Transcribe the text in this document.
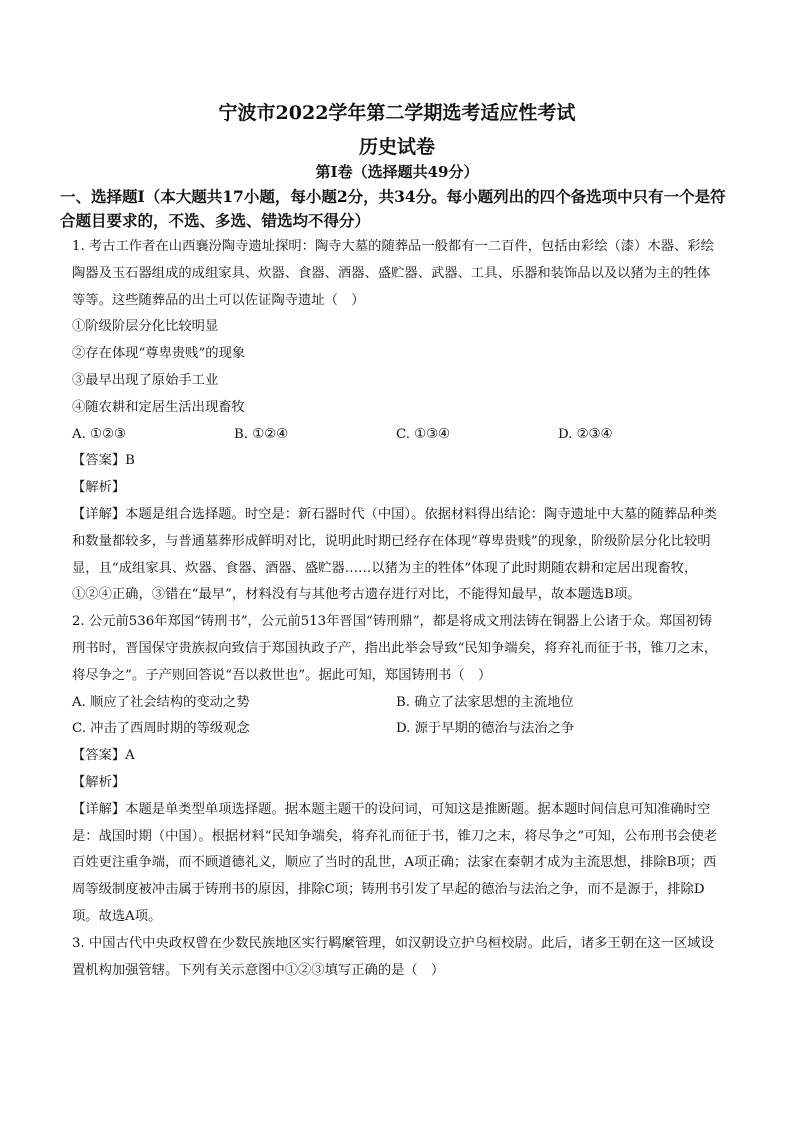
宁波市2022学年第二学期选考适应性考试
历史试卷
第I卷（选择题共49分）
一、选择题I（本大题共17小题，每小题2分，共34分。每小题列出的四个备选项中只有一个是符合题目要求的，不选、多选、错选均不得分）

1. 考古工作者在山西襄汾陶寺遗址探明：陶寺大墓的随葬品一般都有一二百件，包括由彩绘（漆）木器、彩绘陶器及玉石器组成的成组家具、炊器、食器、酒器、盛贮器、武器、工具、乐器和装饰品以及以猪为主的牲体等等。这些随葬品的出土可以佐证陶寺遗址（　）

①阶级阶层分化比较明显

②存在体现“尊卑贵贱”的现象

③最早出现了原始手工业

④随农耕和定居生活出现畜牧

A. ①②③	B. ①②④	C. ①③④	D. ②③④

【答案】B

【解析】

【详解】本题是组合选择题。时空是：新石器时代（中国）。依据材料得出结论：陶寺遗址中大墓的随葬品种类和数量都较多，与普通墓葬形成鲜明对比，说明此时期已经存在体现“尊卑贵贱”的现象，阶级阶层分化比较明显，且“成组家具、炊器、食器、酒器、盛贮器……以猪为主的牲体”体现了此时期随农耕和定居出现畜牧，①②④正确，③错在“最早”，材料没有与其他考古遗存进行对比，不能得知最早，故本题选B项。

2. 公元前536年郑国“铸刑书”，公元前513年晋国“铸刑鼎”，都是将成文刑法铸在铜器上公诸于众。郑国初铸刑书时，晋国保守贵族叔向致信于郑国执政子产，指出此举会导致“民知争端矣，将弃礼而征于书，锥刀之末，将尽争之”。子产则回答说“吾以救世也”。据此可知，郑国铸刑书（　）

A. 顺应了社会结构的变动之势	B. 确立了法家思想的主流地位

C. 冲击了西周时期的等级观念	D. 源于早期的德治与法治之争

【答案】A

【解析】

【详解】本题是单类型单项选择题。据本题主题干的设问词，可知这是推断题。据本题时间信息可知准确时空是：战国时期（中国）。根据材料“民知争端矣，将弃礼而征于书，锥刀之末，将尽争之”可知，公布刑书会使老百姓更注重争端，而不顾道德礼义，顺应了当时的乱世，A项正确；法家在秦朝才成为主流思想，排除B项；西周等级制度被冲击属于铸刑书的原因，排除C项；铸刑书引发了早起的德治与法治之争，而不是源于，排除D项。故选A项。

3. 中国古代中央政权曾在少数民族地区实行羁縻管理，如汉朝设立护乌桓校尉。此后，诸多王朝在这一区域设置机构加强管辖。下列有关示意图中①②③填写正确的是（　）
